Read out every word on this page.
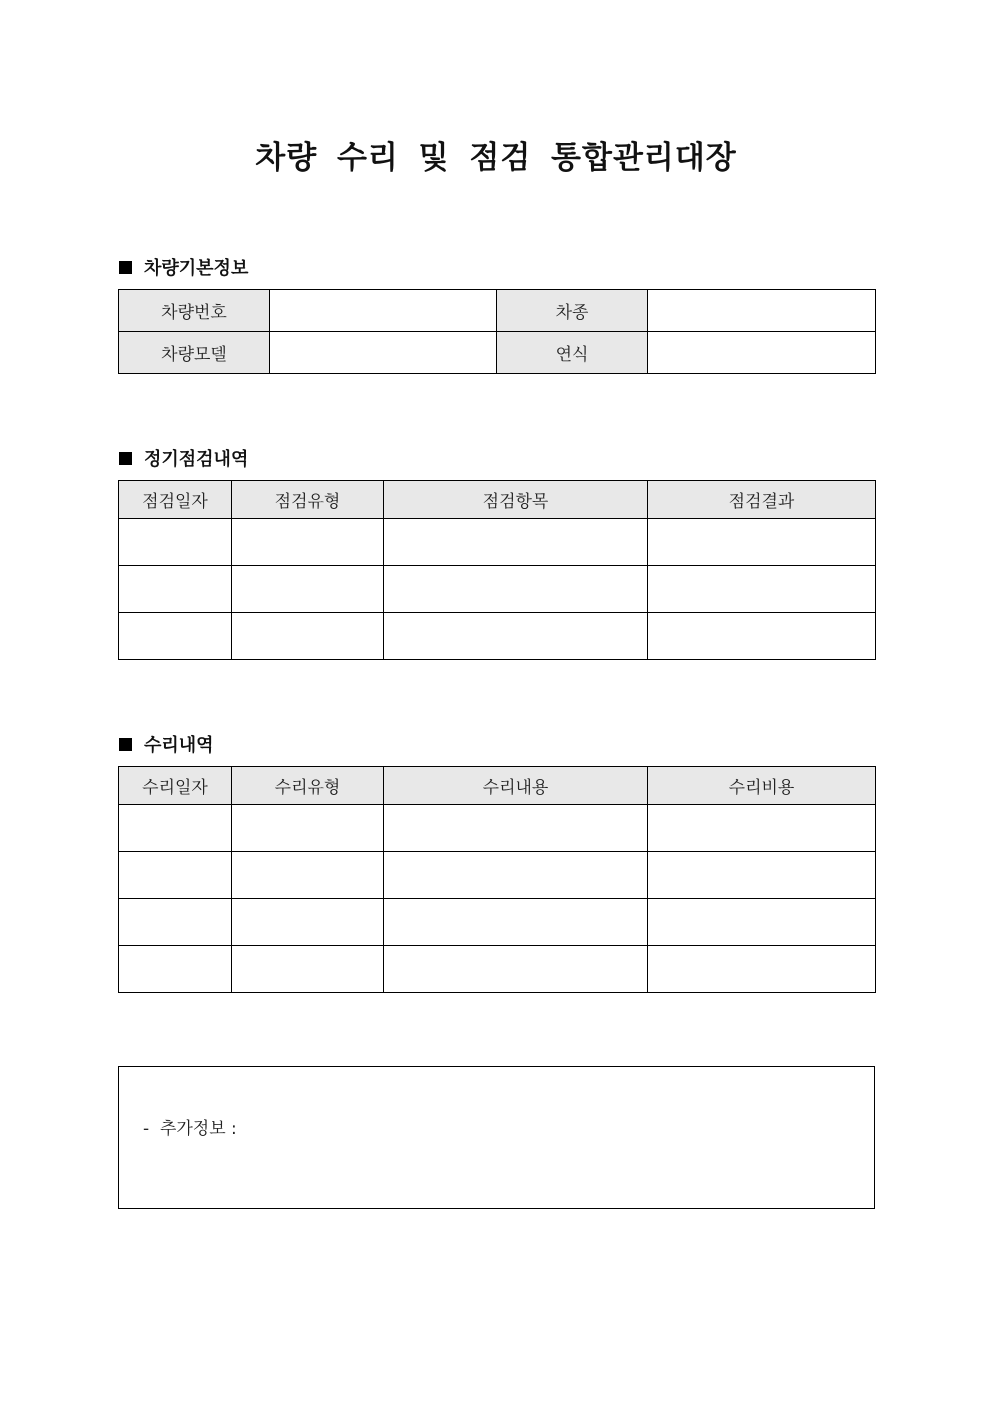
차량 수리 및 점검 통합관리대장
차량기본정보
차량번호		차종	
차량모델		연식	
정기점검내역
점검일자	점검유형	점검항목	점검결과

수리내역
수리일자	수리유형	수리내용	수리비용

-  추가정보 :
